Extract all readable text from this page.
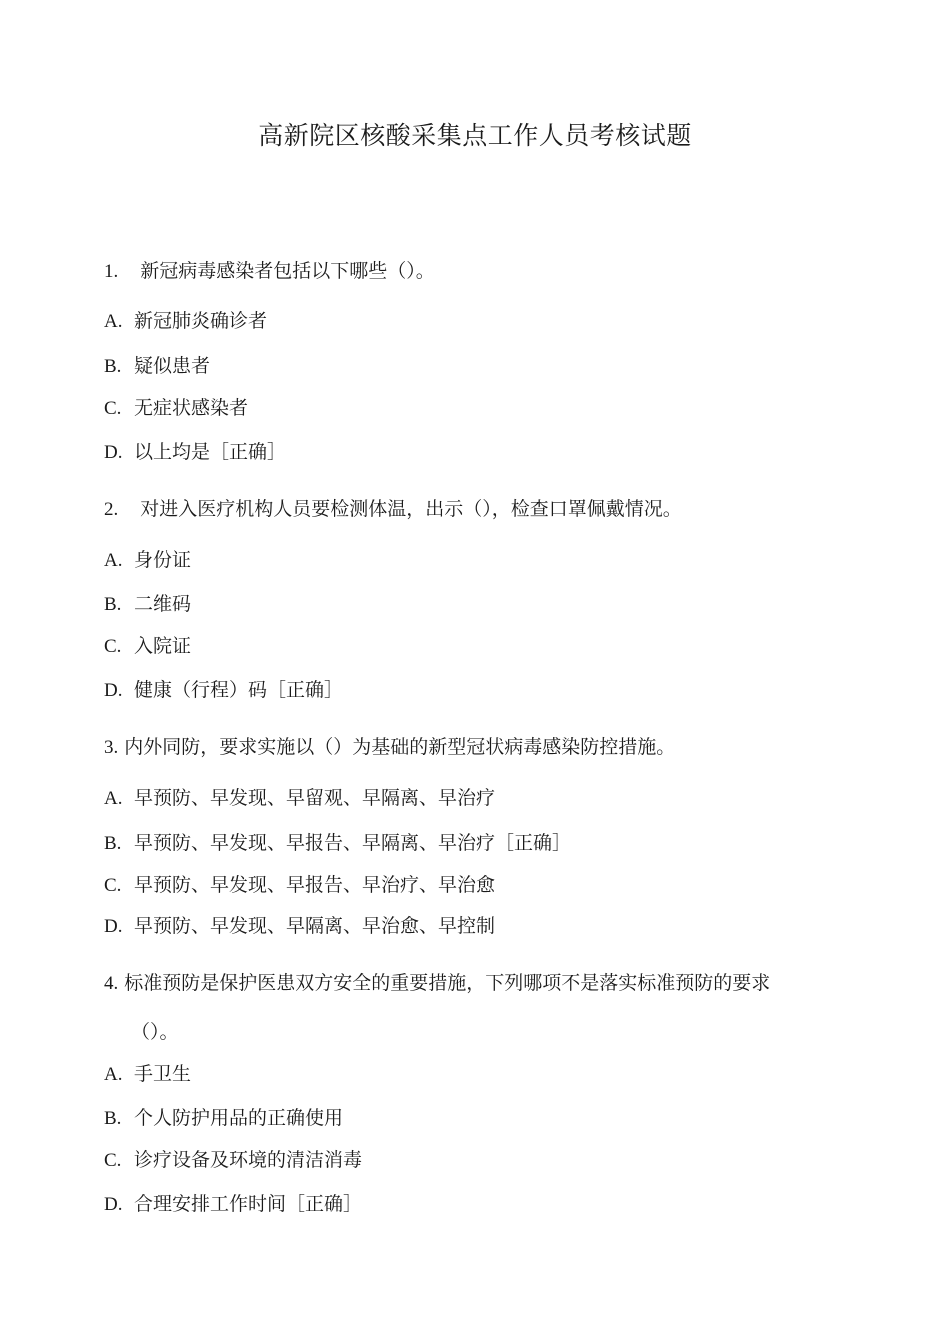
高新院区核酸采集点工作人员考核试题
1. 新冠病毒感染者包括以下哪些（）。
A. 新冠肺炎确诊者
B. 疑似患者
C. 无症状感染者
D. 以上均是［正确］
2. 对进入医疗机构人员要检测体温，出示（），检查口罩佩戴情况。
A. 身份证
B. 二维码
C. 入院证
D. 健康（行程）码［正确］
3. 内外同防，要求实施以（）为基础的新型冠状病毒感染防控措施。
A. 早预防、早发现、早留观、早隔离、早治疗
B. 早预防、早发现、早报告、早隔离、早治疗［正确］
C. 早预防、早发现、早报告、早治疗、早治愈
D. 早预防、早发现、早隔离、早治愈、早控制
4. 标准预防是保护医患双方安全的重要措施，下列哪项不是落实标准预防的要求
（）。
A. 手卫生
B. 个人防护用品的正确使用
C. 诊疗设备及环境的清洁消毒
D. 合理安排工作时间［正确］
